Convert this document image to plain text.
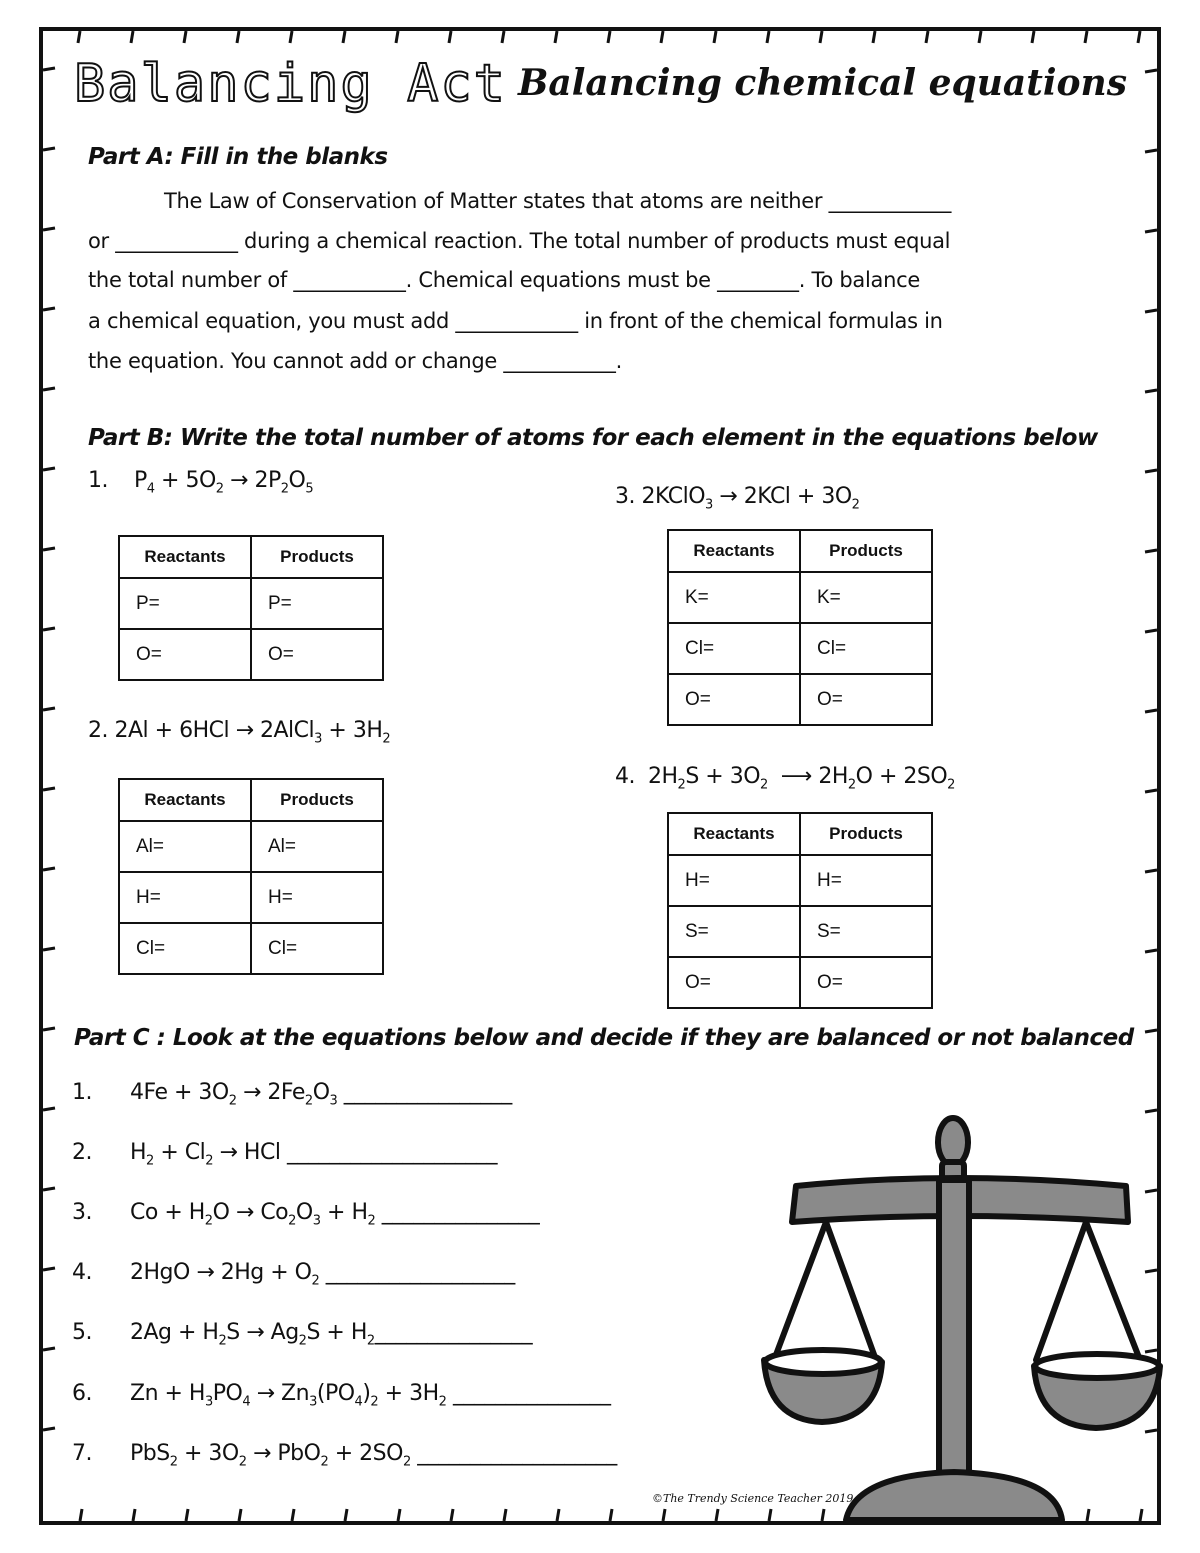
Balancing Act Balancing chemical equations
Part A: Fill in the blanks
The Law of Conservation of Matter states that atoms are neither ____________
or ____________ during a chemical reaction. The total number of products must equal
the total number of ___________. Chemical equations must be ________. To balance
a chemical equation, you must add ____________ in front of the chemical formulas in
the equation. You cannot add or change ___________.
Part B: Write the total number of atoms for each element in the equations below
1.    $P_4 + 5O_2 \to 2P_2O_5$
Reactants	Products
P=	P=
O=	O=
2. 2Al + 6HCl → 2AlCl$_3$ + $3H_2$
Reactants	Products
Al=	Al=
H=	H=
Cl=	Cl=
3. 2KClO$_3$ → $2KCl + 3O_2$
Reactants	Products
K=	K=
Cl=	Cl=
O=	O=
4.  $2H_2S + 3O_2$  ⟶ $2H_2O + 2SO_2$
Reactants	Products
H=	H=
S=	S=
O=	O=
Part C : Look at the equations below and decide if they are balanced or not balanced
1. $4Fe + 3O_2 \to 2Fe_2O_3$ ________________
2. $H_2 + Cl_2$ → HCl ____________________
3. $Co + H_2O \to Co_2O_3 + H_2$ _______________
4. $2HgO \to 2Hg + O_2$ __________________
5. $2Ag + H_2S \to Ag_2S$ + $H_2\_\_\_\_\_\_\_\_\_\_\_\_\_\_\_$
6. $Zn + H_3PO_4 \to Zn_3(PO_4)_2 + 3H_2$ _______________
7. $PbS_2 + 3O_2 \to PbO_2 + 2SO_2$ ___________________
©The Trendy Science Teacher 2019
